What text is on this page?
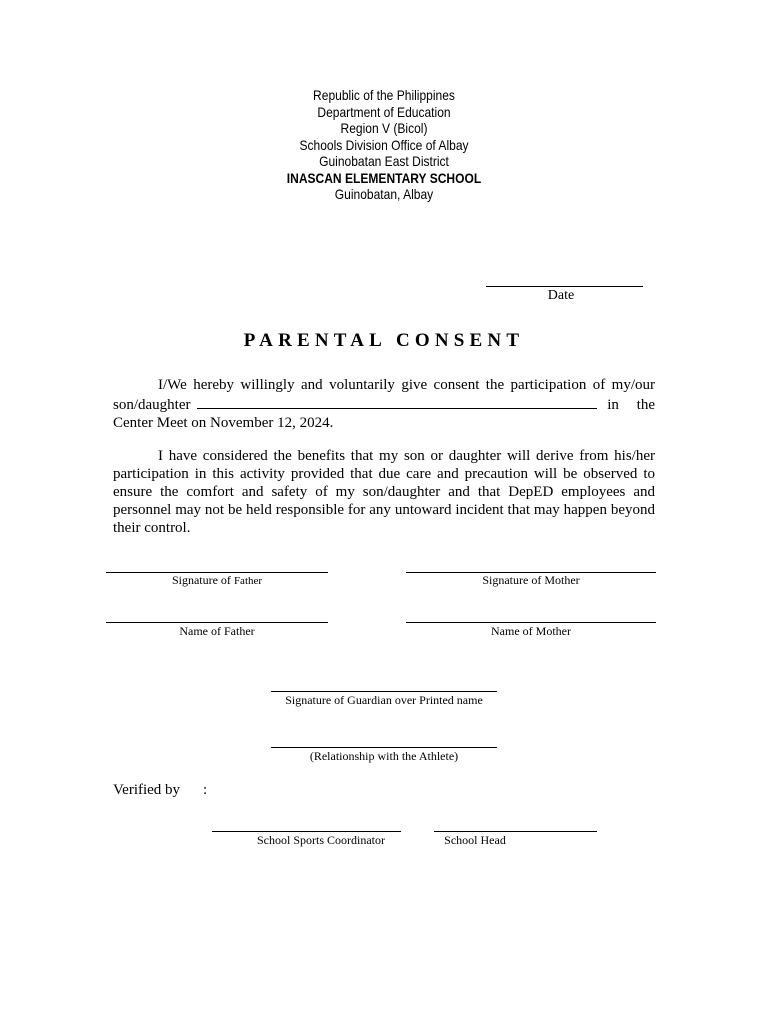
Republic of the Philippines
Department of Education
Region V (Bicol)
Schools Division Office of Albay
Guinobatan East District
INASCAN ELEMENTARY SCHOOL
Guinobatan, Albay
Date
PARENTAL CONSENT

I/We hereby willingly and voluntarily give consent the participation of my/our

son/daughter	in the

Center Meet on November 12, 2024.

I have considered the benefits that my son or daughter will derive from his/her participation in this activity provided that due care and precaution will be observed to ensure the comfort and safety of my son/daughter and that DepED employees and personnel may not be held responsible for any untoward incident that may happen beyond their control.

Signature of Father	Signature of Mother
Name of Father	Name of Mother
Signature of Guardian over Printed name
(Relationship with the Athlete)
Verified by :
School Sports Coordinator	School Head
